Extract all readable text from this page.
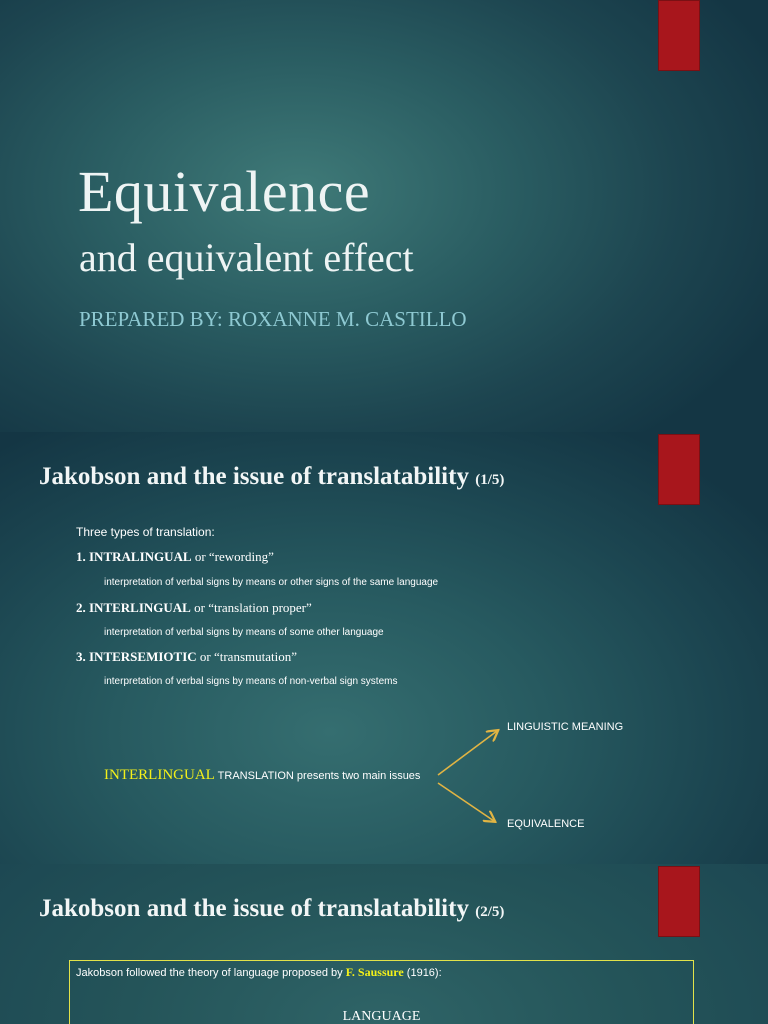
Equivalence
and equivalent effect
PREPARED BY: ROXANNE M. CASTILLO
Jakobson and the issue of translatability (1/5)
Three types of translation:
1. INTRALINGUAL or “rewording”
interpretation of verbal signs by means or other signs of the same language
2. INTERLINGUAL or “translation proper”
interpretation of verbal signs by means of some other language
3. INTERSEMIOTIC or “transmutation”
interpretation of verbal signs by means of non-verbal sign systems
INTERLINGUAL TRANSLATION presents two main issues
LINGUISTIC MEANING
EQUIVALENCE
Jakobson and the issue of translatability (2/5)
Jakobson followed the theory of language proposed by F. Saussure (1916):
LANGUAGE
